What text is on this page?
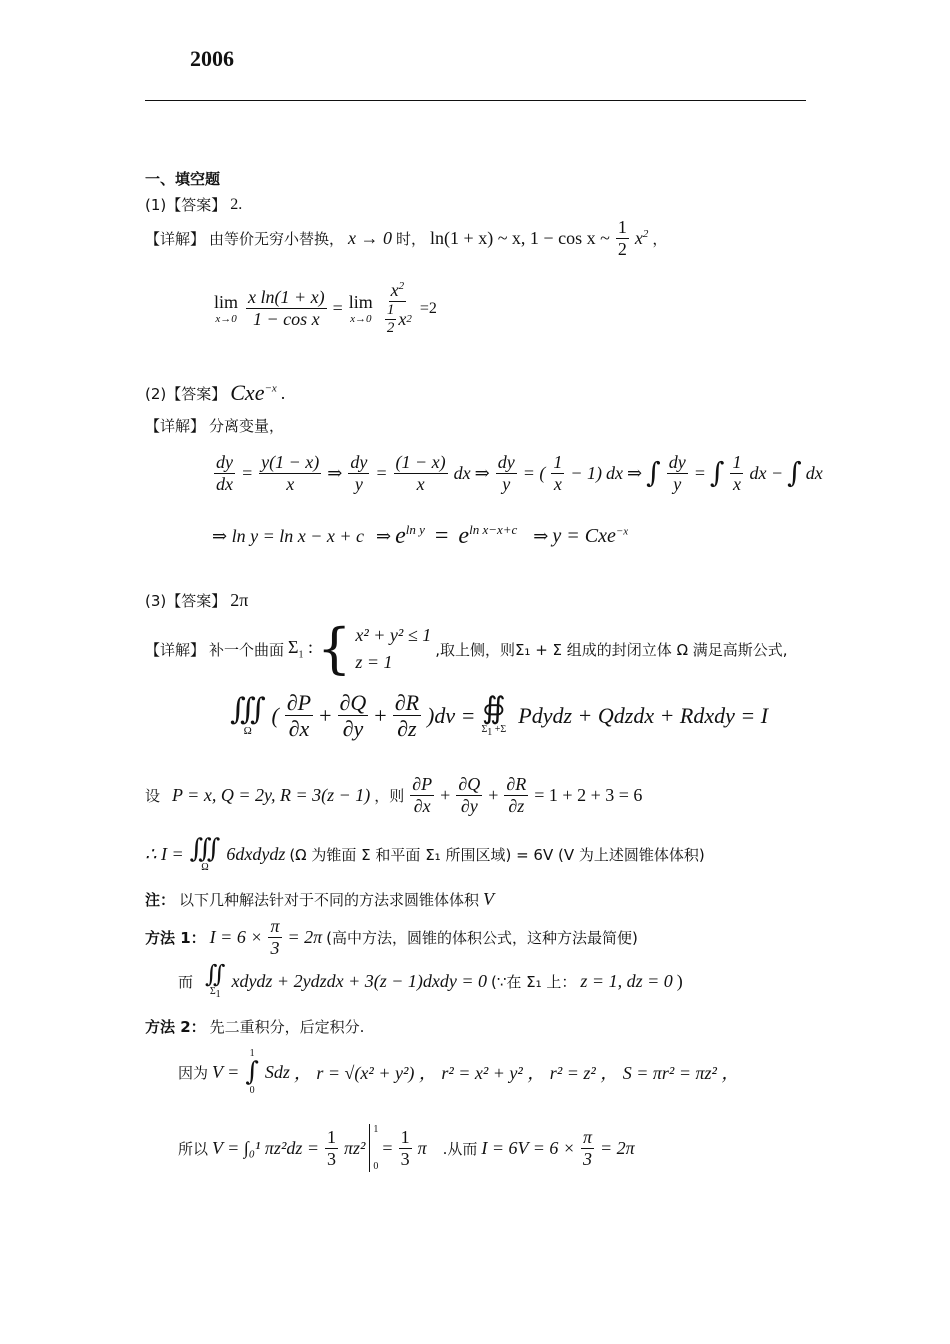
2006
一、填空题
(1)【答案】 2.
【详解】 由等价无穷小替换， x → 0 时， ln(1 + x) ~ x, 1 − cos x ~ $\frac{1}{2} x^2$ ，
lim
$x\to 0 \frac{\text{x ln(1 + x)}}{\text{1 − cos x}} = \lim$
$x\to 0 \frac{x^2}{\frac{1}{2} x 2} =2$
(2)【答案】 Cxe$^{-x}$ .
【详解】 分离变量，
$\frac{dy}{dx} = \frac{y(1 - x)}{x}$ ⇒ $\frac{dy}{y} = \frac{(1 - x)}{x}$ dx ⇒ $\frac{dy}{y}$ = ( $\frac{1}{x} - 1$) dx ⇒ ∫ $\frac{dy}{y}$ = ∫ $\frac{1}{x}$ dx − ∫ dx
⇒ ln y = ln x − x + c ⇒ $e^{ln y} = e^{ln x-x+c}$ ⇒ y = Cxe$^{-x}$
(3)【答案】 2π
【详解】 补一个曲面 $\Sigma_1$ : { x² + y² ≤ 1
z = 1
,取上侧，则Σ₁ + Σ 组成的封闭立体 Ω 满足高斯公式,
∭
Ω
( $\frac{\partial P}{\partial x} + \frac{\partial Q}{\partial y} + \frac{\partial R}{\partial z} )dv$ = ∯
$\Sigma_1 +\Sigma$
Pdydz + Qdzdx + Rdxdy = I
设 P = x, Q = 2y, R = 3(z − 1) ，则 $\frac{\partial P}{\partial x} + \frac{\partial Q}{\partial y} + \frac{\partial R}{\partial z} = 1 + 2 + 3 = 6$
∴ I = ∭
Ω
6dxdydz (Ω 为锥面 Σ 和平面 Σ₁ 所围区域) = 6V (V 为上述圆锥体体积)
注： 以下几种解法针对于不同的方法求圆锥体体积 V
方法 1： $I = 6 \times \frac{\pi}{3} = 2\pi$ (高中方法，圆锥的体积公式，这种方法最简便)
而 ∬
$\Sigma_1$
xdydz + 2ydzdx + 3(z − 1)dxdy = 0 (∵在 Σ₁ 上： z = 1, dz = 0 )
方法 2： 先二重积分，后定积分.
因为 V =
1
∫
0
Sdz ， r = √(x² + y²) ， r² = x² + y² ， r² = z² ， S = πr² = πz² ，
所以 V = ∫₀¹ $\pi z^2dz = \frac{1}{3} \pi z^2$
1
0
= $\frac{1}{3}$ π .从而 $I = 6V = 6 \times \frac{\pi}{3} = 2\pi$
